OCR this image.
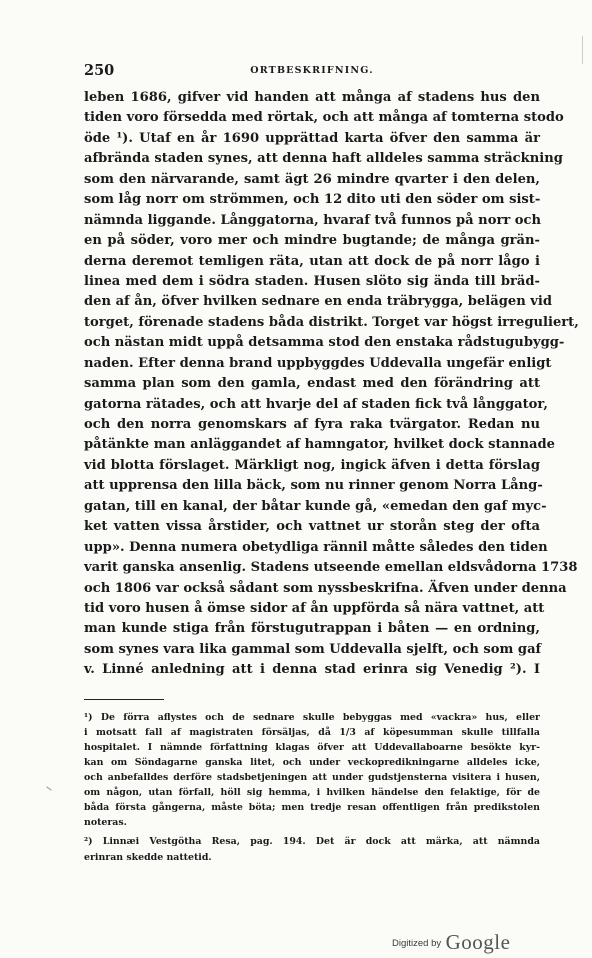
250	ORTBESKRIFNING.
leben 1686, gifver vid handen att många af stadens hus den
tiden voro försedda med rörtak, och att många af tomterna stodo
öde ¹). Utaf en år 1690 upprättad karta öfver den samma är
afbrända staden synes, att denna haft alldeles samma sträckning
som den närvarande, samt ägt 26 mindre qvarter i den delen,
som låg norr om strömmen, och 12 dito uti den söder om sist-
nämnda liggande. Långgatorna, hvaraf två funnos på norr och
en på söder, voro mer och mindre bugtande; de många grän-
derna deremot temligen räta, utan att dock de på norr lågo i
linea med dem i södra staden. Husen slöto sig ända till bräd-
den af ån, öfver hvilken sednare en enda träbrygga, belägen vid
torget, förenade stadens båda distrikt. Torget var högst irreguliert,
och nästan midt uppå detsamma stod den enstaka rådstugubygg-
naden. Efter denna brand uppbyggdes Uddevalla ungefär enligt
samma plan som den gamla, endast med den förändring att
gatorna rätades, och att hvarje del af staden fick två långgator,
och den norra genomskars af fyra raka tvärgator. Redan nu
påtänkte man anläggandet af hamngator, hvilket dock stannade
vid blotta förslaget. Märkligt nog, ingick äfven i detta förslag
att upprensa den lilla bäck, som nu rinner genom Norra Lång-
gatan, till en kanal, der båtar kunde gå, «emedan den gaf myc-
ket vatten vissa årstider, och vattnet ur storån steg der ofta
upp». Denna numera obetydliga rännil måtte således den tiden
varit ganska ansenlig. Stadens utseende emellan eldsvådorna 1738
och 1806 var också sådant som nyssbeskrifna. Äfven under denna
tid voro husen å ömse sidor af ån uppförda så nära vattnet, att
man kunde stiga från förstugutrappan i båten — en ordning,
som synes vara lika gammal som Uddevalla sjelft, och som gaf
v. Linné anledning att i denna stad erinra sig Venedig ²). I
¹) De förra aflystes och de sednare skulle bebyggas med «vackra» hus, eller
i motsatt fall af magistraten försäljas, då 1/3 af köpesumman skulle tillfalla
hospitalet. I nämnde författning klagas öfver att Uddevallaboarne besökte kyr-
kan om Söndagarne ganska litet, och under veckopredikningarne alldeles icke,
och anbefalldes derföre stadsbetjeningen att under gudstjensterna visitera i husen,
om någon, utan förfall, höll sig hemma, i hvilken händelse den felaktige, för de
båda första gångerna, måste böta; men tredje resan offentligen från predikstolen
noteras.
²) Linnæi Vestgötha Resa, pag. 194. Det är dock att märka, att nämnda
erinran skedde nattetid.
Digitized by Google
